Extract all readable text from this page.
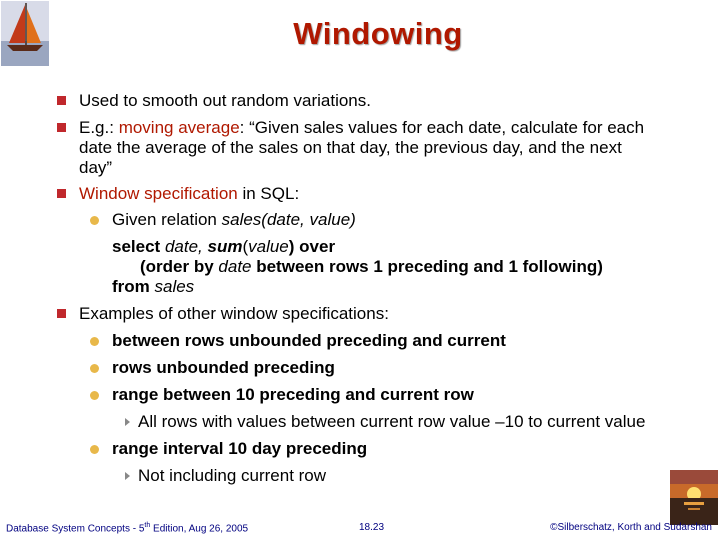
Windowing
Used to smooth out random variations.
E.g.: moving average: “Given sales values for each date, calculate for each
date the average of the sales on that day, the previous day, and the next
day”
Window specification in SQL:
Given relation sales(date, value)
select date, sum(value) over
(order by date between rows 1 preceding and 1 following)
from sales
Examples of other window specifications:
between rows unbounded preceding and current
rows unbounded preceding
range between 10 preceding and current row
All rows with values between current row value –10 to current value
range interval 10 day preceding
Not including current row
Database System Concepts - 5th Edition, Aug 26, 2005	18.23	©Silberschatz, Korth and Sudarshan
